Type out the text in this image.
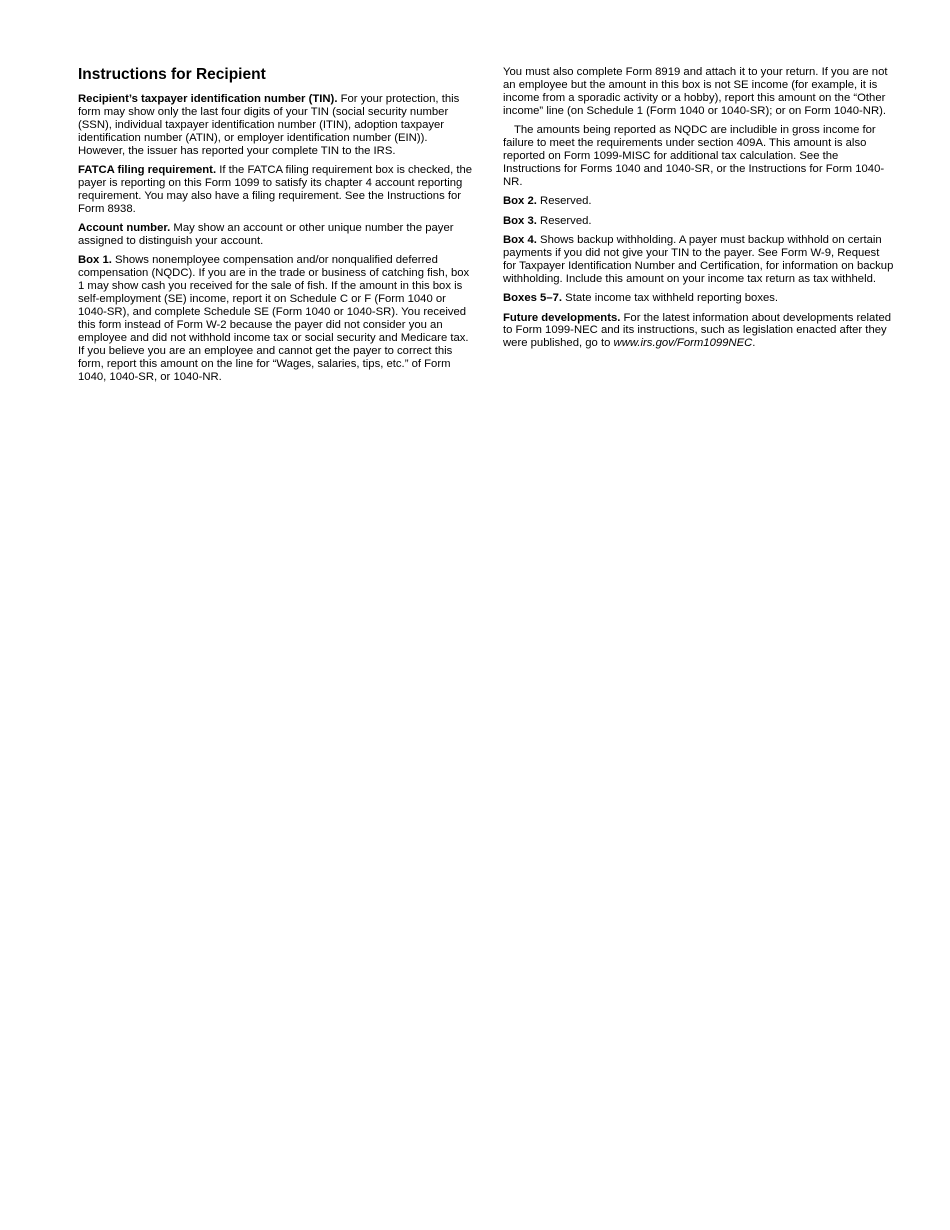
Instructions for Recipient

Recipient’s taxpayer identification number (TIN). For your protection, this form may show only the last four digits of your TIN (social security number (SSN), individual taxpayer identification number (ITIN), adoption taxpayer identification number (ATIN), or employer identification number (EIN)). However, the issuer has reported your complete TIN to the IRS.

FATCA filing requirement. If the FATCA filing requirement box is checked, the payer is reporting on this Form 1099 to satisfy its chapter 4 account reporting requirement. You may also have a filing requirement. See the Instructions for Form 8938.

Account number. May show an account or other unique number the payer assigned to distinguish your account.

Box 1. Shows nonemployee compensation and/or nonqualified deferred compensation (NQDC). If you are in the trade or business of catching fish, box 1 may show cash you received for the sale of fish. If the amount in this box is self-employment (SE) income, report it on Schedule C or F (Form 1040 or 1040-SR), and complete Schedule SE (Form 1040 or 1040-SR). You received this form instead of Form W-2 because the payer did not consider you an employee and did not withhold income tax or social security and Medicare tax. If you believe you are an employee and cannot get the payer to correct this form, report this amount on the line for “Wages, salaries, tips, etc.” of Form 1040, 1040-SR, or 1040-NR.

You must also complete Form 8919 and attach it to your return. If you are not an employee but the amount in this box is not SE income (for example, it is income from a sporadic activity or a hobby), report this amount on the “Other income” line (on Schedule 1 (Form 1040 or 1040-SR); or on Form 1040-NR).

The amounts being reported as NQDC are includible in gross income for failure to meet the requirements under section 409A. This amount is also reported on Form 1099-MISC for additional tax calculation. See the Instructions for Forms 1040 and 1040-SR, or the Instructions for Form 1040-NR.

Box 2. Reserved.

Box 3. Reserved.

Box 4. Shows backup withholding. A payer must backup withhold on certain payments if you did not give your TIN to the payer. See Form W-9, Request for Taxpayer Identification Number and Certification, for information on backup withholding. Include this amount on your income tax return as tax withheld.

Boxes 5–7. State income tax withheld reporting boxes.

Future developments. For the latest information about developments related to Form 1099-NEC and its instructions, such as legislation enacted after they were published, go to www.irs.gov/Form1099NEC.
